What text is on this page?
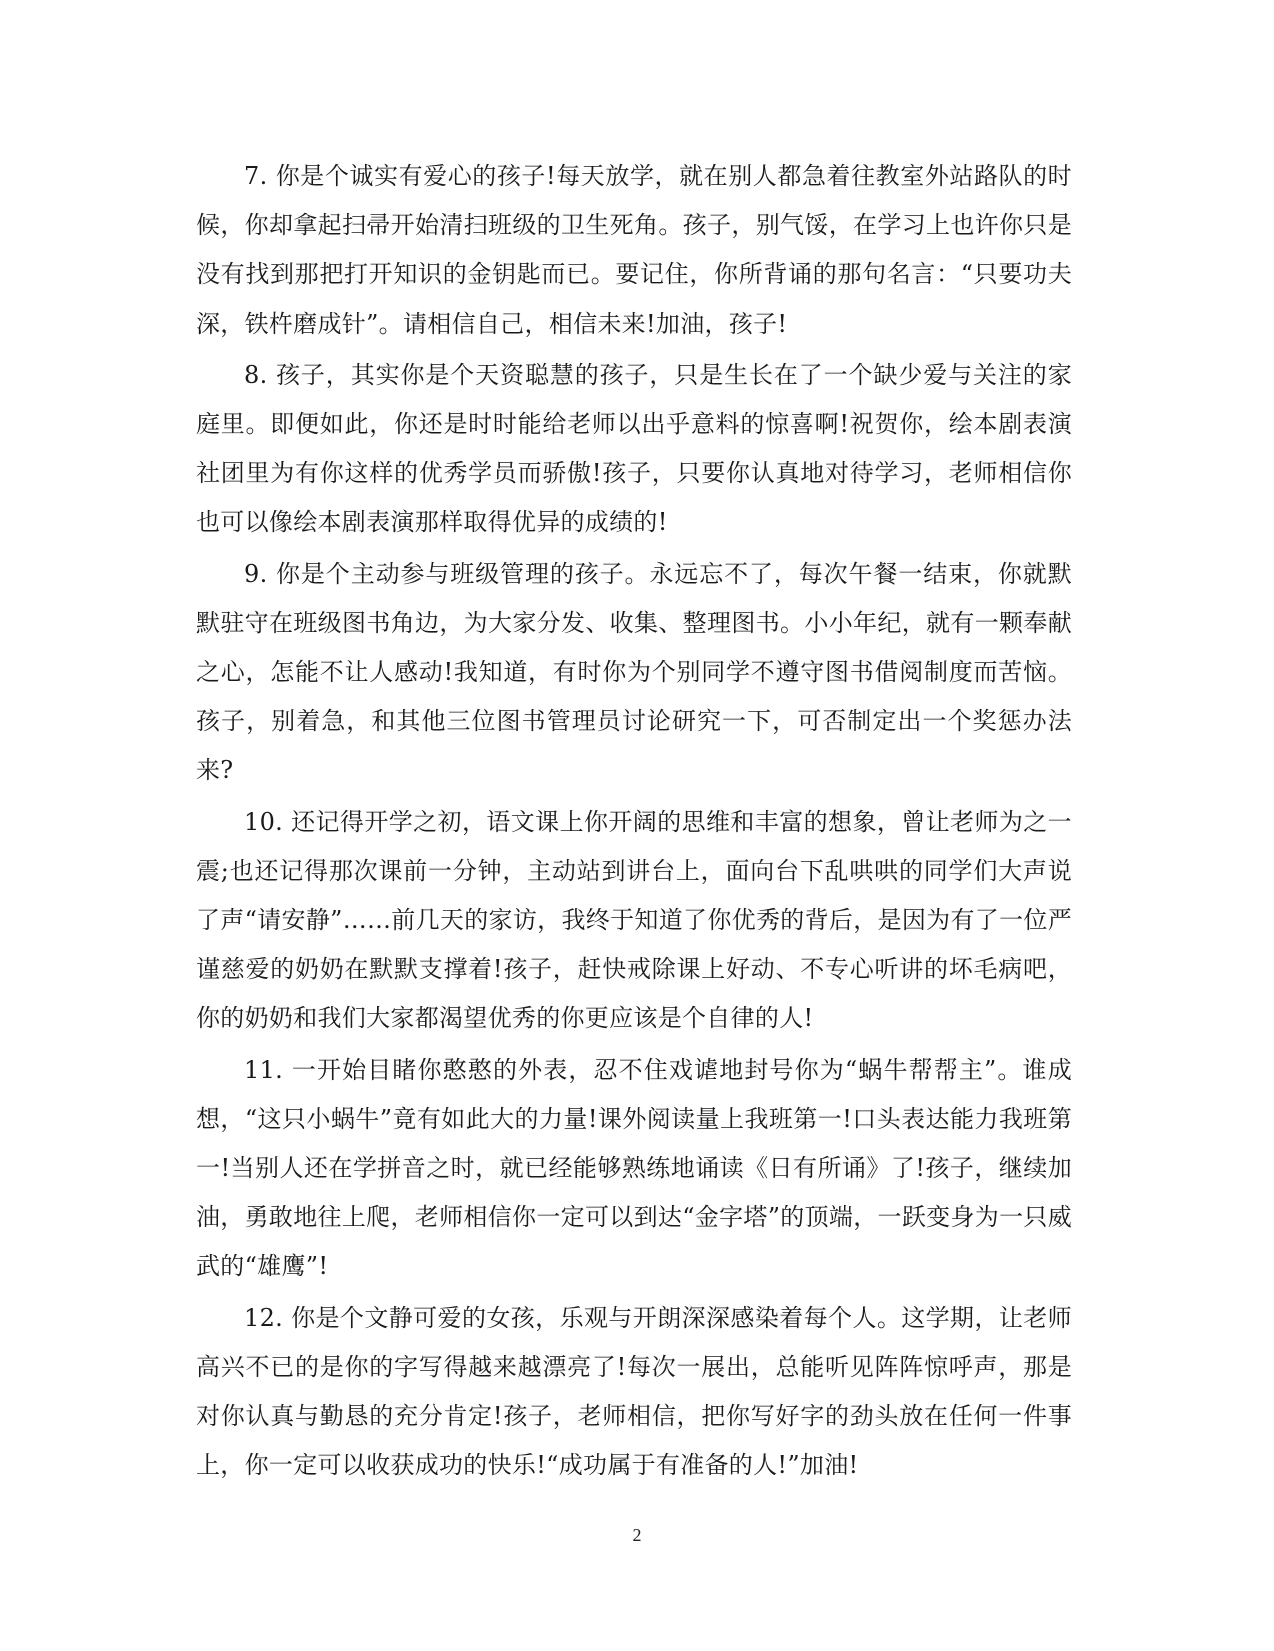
7. 你是个诚实有爱心的孩子!每天放学，就在别人都急着往教室外站路队的时候，你却拿起扫帚开始清扫班级的卫生死角。孩子，别气馁，在学习上也许你只是没有找到那把打开知识的金钥匙而已。要记住，你所背诵的那句名言：“只要功夫深，铁杵磨成针”。请相信自己，相信未来!加油，孩子!

8. 孩子，其实你是个天资聪慧的孩子，只是生长在了一个缺少爱与关注的家庭里。即便如此，你还是时时能给老师以出乎意料的惊喜啊!祝贺你，绘本剧表演社团里为有你这样的优秀学员而骄傲!孩子，只要你认真地对待学习，老师相信你也可以像绘本剧表演那样取得优异的成绩的!

9. 你是个主动参与班级管理的孩子。永远忘不了，每次午餐一结束，你就默默驻守在班级图书角边，为大家分发、收集、整理图书。小小年纪，就有一颗奉献之心，怎能不让人感动!我知道，有时你为个别同学不遵守图书借阅制度而苦恼。孩子，别着急，和其他三位图书管理员讨论研究一下，可否制定出一个奖惩办法来?

10. 还记得开学之初，语文课上你开阔的思维和丰富的想象，曾让老师为之一震;也还记得那次课前一分钟，主动站到讲台上，面向台下乱哄哄的同学们大声说了声“请安静”……前几天的家访，我终于知道了你优秀的背后，是因为有了一位严谨慈爱的奶奶在默默支撑着!孩子，赶快戒除课上好动、不专心听讲的坏毛病吧，你的奶奶和我们大家都渴望优秀的你更应该是个自律的人!

11. 一开始目睹你憨憨的外表，忍不住戏谑地封号你为“蜗牛帮帮主”。谁成想，“这只小蜗牛”竟有如此大的力量!课外阅读量上我班第一!口头表达能力我班第一!当别人还在学拼音之时，就已经能够熟练地诵读《日有所诵》了!孩子，继续加油，勇敢地往上爬，老师相信你一定可以到达“金字塔”的顶端，一跃变身为一只威武的“雄鹰”!

12. 你是个文静可爱的女孩，乐观与开朗深深感染着每个人。这学期，让老师高兴不已的是你的字写得越来越漂亮了!每次一展出，总能听见阵阵惊呼声，那是对你认真与勤恳的充分肯定!孩子，老师相信，把你写好字的劲头放在任何一件事上，你一定可以收获成功的快乐!“成功属于有准备的人!”加油!

2
